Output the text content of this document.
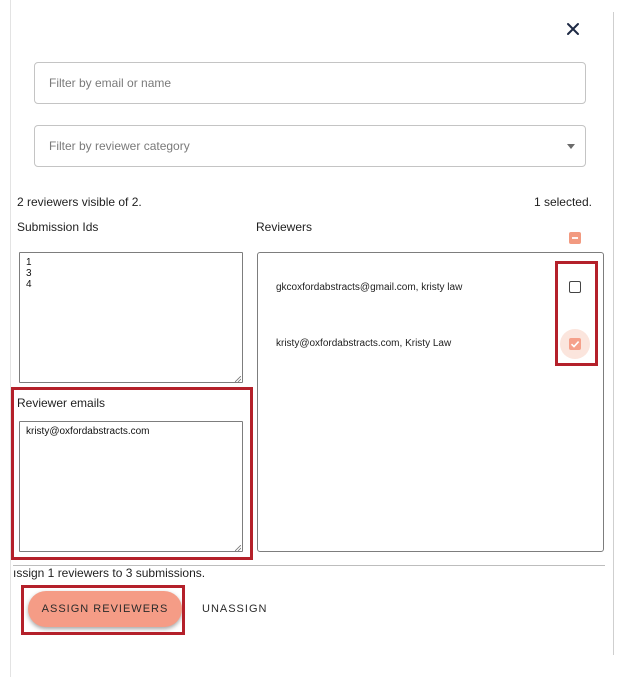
Filter by email or name
Filter by reviewer category
2 reviewers visible of 2.	1 selected.
Submission Ids	Reviewers
1 3 4
gkcoxfordabstracts@gmail.com, kristy law
kristy@oxfordabstracts.com, Kristy Law
Reviewer emails
kristy@oxfordabstracts.com
ıssign 1 reviewers to 3 submissions.
ASSIGN REVIEWERS	UNASSIGN
